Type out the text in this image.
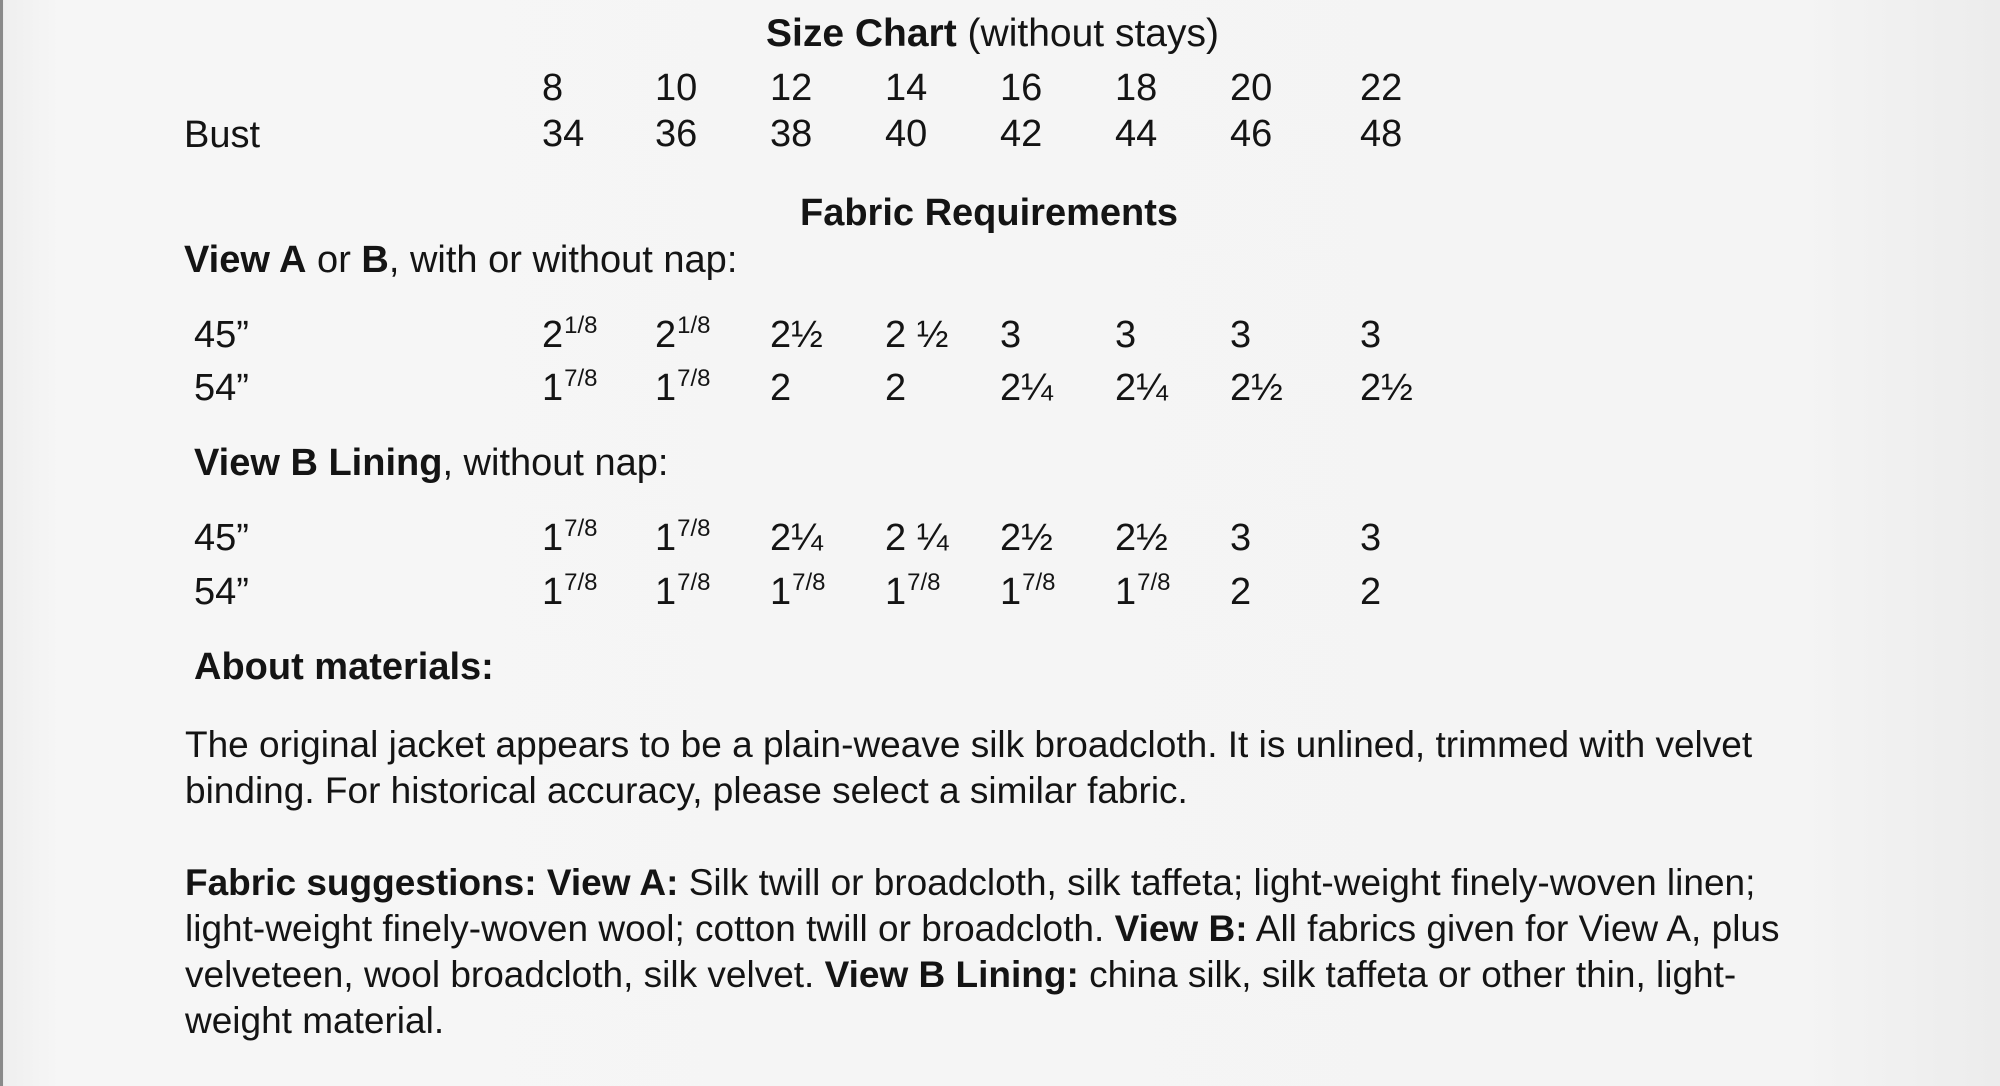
Size Chart (without stays)
8 10 12 14 16 18 20 22
Bust	34 36 38 40 42 44 46 48
Fabric Requirements
View A or B, with or without nap:
45”	$2^{1/8}$ $2^{1/8}$ 2½ 2 ½ 3 3 3	3
54”	$1^{7/8}$ $1^{7/8}$ 2 2 2¼ 2¼ 2½ 2½
View B Lining, without nap:
45”	$1^{7/8}$ $1^{7/8}$ 2¼ 2 ¼ 2½ 2½ 3	3
54”	$1^{7/8}$ $1^{7/8}$ $1^{7/8}$ $1^{7/8}$ $1^{7/8}$ $1^{7/8}$ 2	2
About materials:
The original jacket appears to be a plain-weave silk broadcloth. It is unlined, trimmed with velvet binding. For historical accuracy, please select a similar fabric.
Fabric suggestions: View A: Silk twill or broadcloth, silk taffeta; light-weight finely-woven linen; light-weight finely-woven wool; cotton twill or broadcloth. View B: All fabrics given for View A, plus velveteen, wool broadcloth, silk velvet. View B Lining: china silk, silk taffeta or other thin, light-weight material.
